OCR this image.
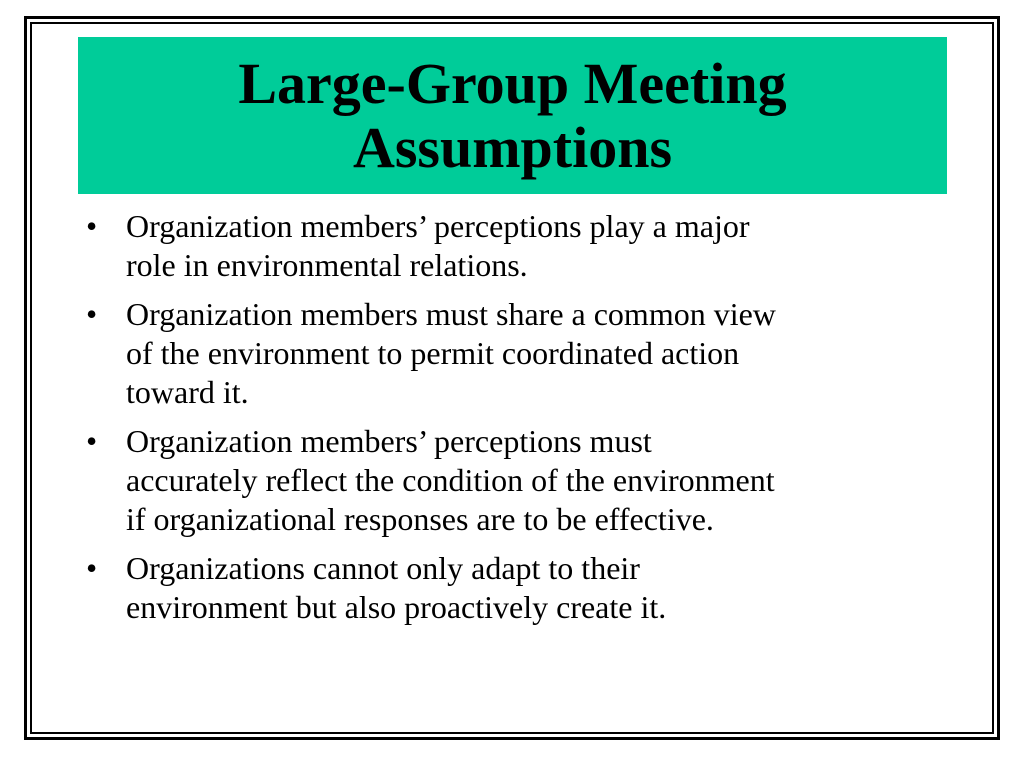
Large-Group Meeting
Assumptions
• Organization members’ perceptions play a major
role in environmental relations.
• Organization members must share a common view
of the environment to permit coordinated action
toward it.
• Organization members’ perceptions must
accurately reflect the condition of the environment
if organizational responses are to be effective.
• Organizations cannot only adapt to their
environment but also proactively create it.
